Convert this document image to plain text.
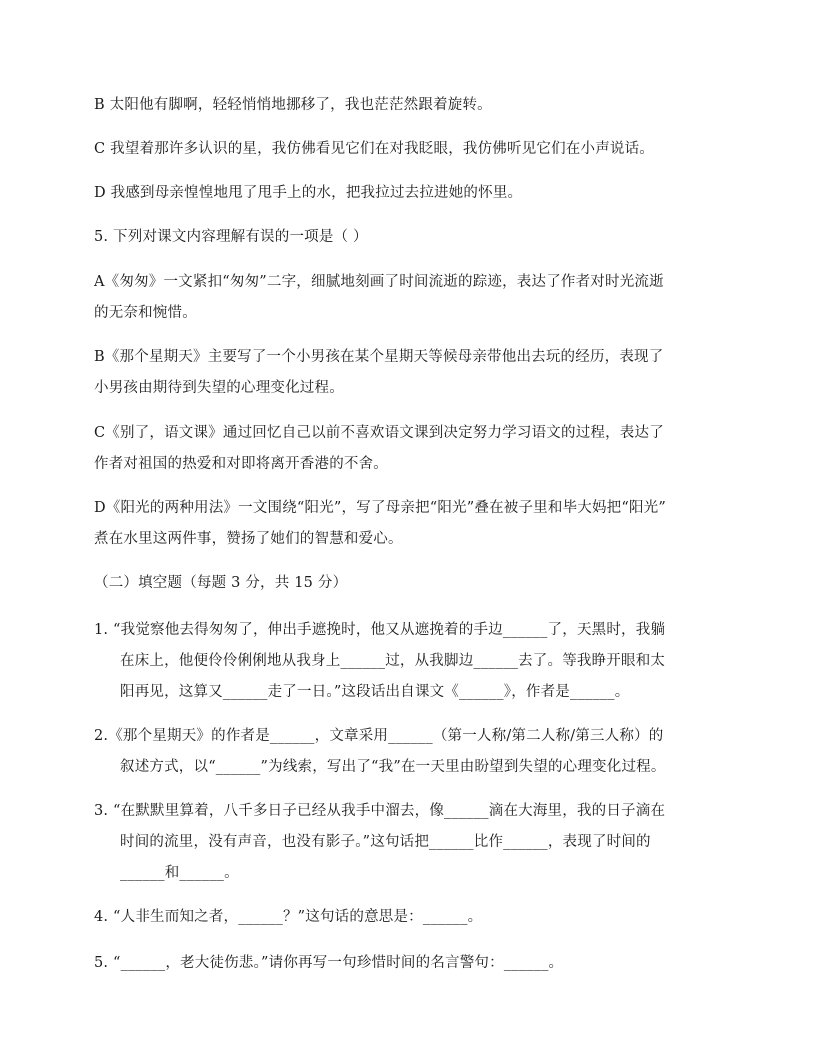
B 太阳他有脚啊，轻轻悄悄地挪移了，我也茫茫然跟着旋转。
C 我望着那许多认识的星，我仿佛看见它们在对我眨眼，我仿佛听见它们在小声说话。
D 我感到母亲惶惶地甩了甩手上的水，把我拉过去拉进她的怀里。
5. 下列对课文内容理解有误的一项是（ ）
A《匆匆》一文紧扣“匆匆”二字，细腻地刻画了时间流逝的踪迹，表达了作者对时光流逝
的无奈和惋惜。
B《那个星期天》主要写了一个小男孩在某个星期天等候母亲带他出去玩的经历，表现了
小男孩由期待到失望的心理变化过程。
C《别了，语文课》通过回忆自己以前不喜欢语文课到决定努力学习语文的过程，表达了
作者对祖国的热爱和对即将离开香港的不舍。
D《阳光的两种用法》一文围绕“阳光”，写了母亲把“阳光”叠在被子里和毕大妈把“阳光”
煮在水里这两件事，赞扬了她们的智慧和爱心。
（二）填空题（每题 3 分，共 15 分）
1. “我觉察他去得匆匆了，伸出手遮挽时，他又从遮挽着的手边______了，天黑时，我躺
在床上，他便伶伶俐俐地从我身上______过，从我脚边______去了。等我睁开眼和太
阳再见，这算又______走了一日。”这段话出自课文《______》，作者是______。
2.《那个星期天》的作者是______，文章采用______（第一人称/第二人称/第三人称）的
叙述方式，以“______”为线索，写出了“我”在一天里由盼望到失望的心理变化过程。
3. “在默默里算着，八千多日子已经从我手中溜去，像______滴在大海里，我的日子滴在
时间的流里，没有声音，也没有影子。”这句话把______比作______，表现了时间的
______和______。
4. “人非生而知之者，______？”这句话的意思是：______。
5. “______，老大徒伤悲。”请你再写一句珍惜时间的名言警句：______。
